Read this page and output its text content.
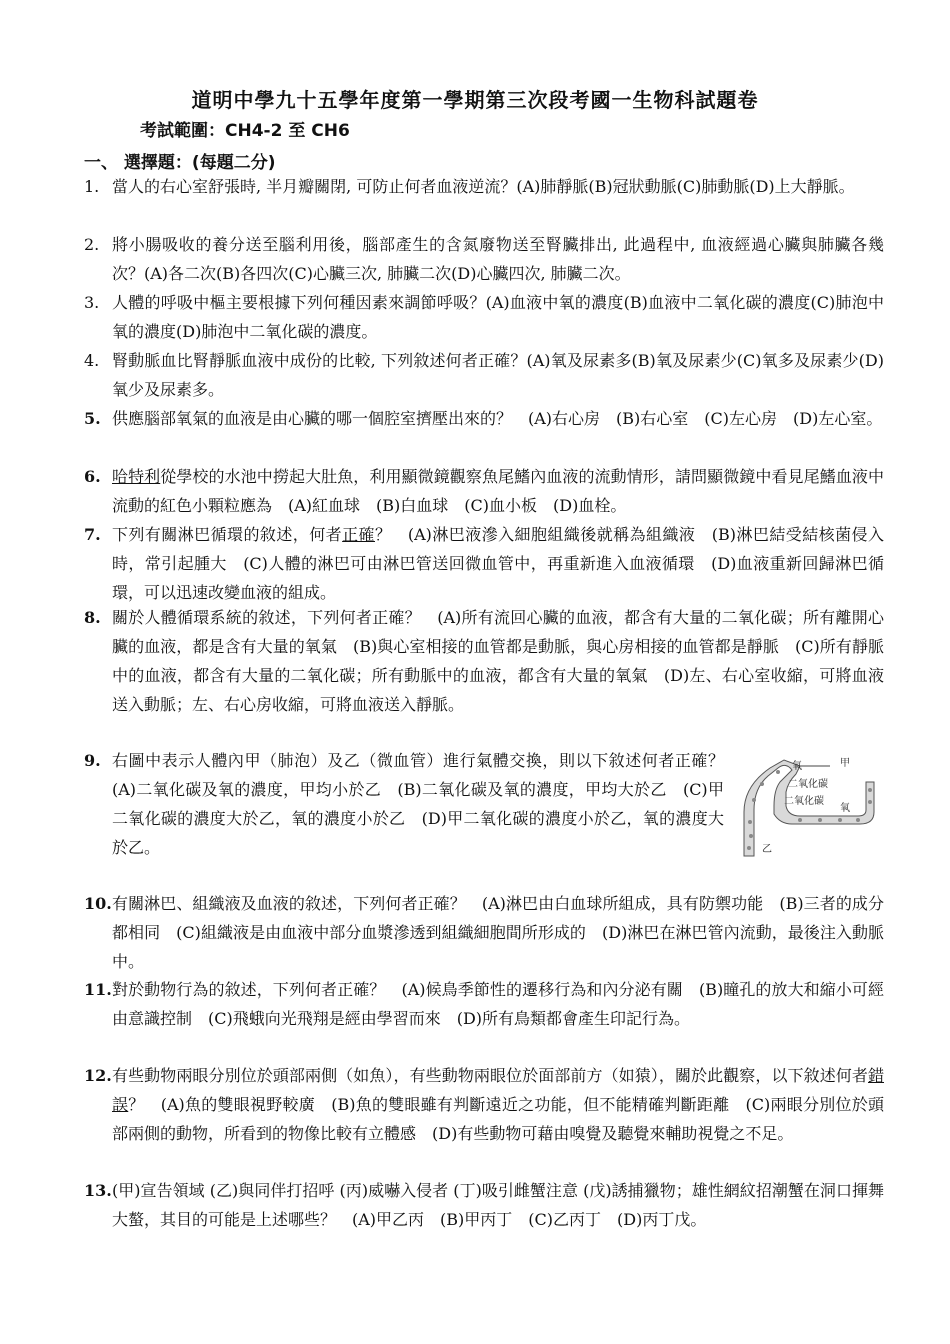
道明中學九十五學年度第一學期第三次段考國一生物科試題卷
考試範圍：CH4-2 至 CH6
一、 選擇題：(每題二分)
1. 當人的右心室舒張時, 半月瓣關閉, 可防止何者血液逆流？(A)肺靜脈(B)冠狀動脈(C)肺動脈(D)上大靜脈。
2. 將小腸吸收的養分送至腦利用後，腦部產生的含氮廢物送至腎臟排出, 此過程中, 血液經過心臟與肺臟各幾次？(A)各二次(B)各四次(C)心臟三次, 肺臟二次(D)心臟四次, 肺臟二次。
3. 人體的呼吸中樞主要根據下列何種因素來調節呼吸？(A)血液中氧的濃度(B)血液中二氧化碳的濃度(C)肺泡中氧的濃度(D)肺泡中二氧化碳的濃度。
4. 腎動脈血比腎靜脈血液中成份的比較, 下列敘述何者正確？(A)氧及尿素多(B)氧及尿素少(C)氧多及尿素少(D)氧少及尿素多。
5. 供應腦部氧氣的血液是由心臟的哪一個腔室擠壓出來的？　(A)右心房　(B)右心室　(C)左心房　(D)左心室。
6. 哈特利從學校的水池中撈起大肚魚，利用顯微鏡觀察魚尾鰭內血液的流動情形，請問顯微鏡中看見尾鰭血液中流動的紅色小顆粒應為　(A)紅血球　(B)白血球　(C)血小板　(D)血栓。
7. 下列有關淋巴循環的敘述，何者正確？　(A)淋巴液滲入細胞組織後就稱為組織液　(B)淋巴結受結核菌侵入時，常引起腫大　(C)人體的淋巴可由淋巴管送回微血管中，再重新進入血液循環　(D)血液重新回歸淋巴循環，可以迅速改變血液的組成。
8. 關於人體循環系統的敘述，下列何者正確？　(A)所有流回心臟的血液，都含有大量的二氧化碳；所有離開心臟的血液，都是含有大量的氧氣　(B)與心室相接的血管都是動脈，與心房相接的血管都是靜脈　(C)所有靜脈中的血液，都含有大量的二氧化碳；所有動脈中的血液，都含有大量的氧氣　(D)左、右心室收縮，可將血液送入動脈；左、右心房收縮，可將血液送入靜脈。
9. 右圖中表示人體內甲（肺泡）及乙（微血管）進行氣體交換，則以下敘述何者正確？　(A)二氧化碳及氧的濃度，甲均小於乙　(B)二氧化碳及氧的濃度，甲均大於乙　(C)甲二氧化碳的濃度大於乙，氧的濃度小於乙　(D)甲二氧化碳的濃度小於乙，氧的濃度大於乙。
氧	甲
二氧化碳
二氧化碳
氧
乙
10. 有關淋巴、組織液及血液的敘述，下列何者正確？　(A)淋巴由白血球所組成，具有防禦功能　(B)三者的成分都相同　(C)組織液是由血液中部分血漿滲透到組織細胞間所形成的　(D)淋巴在淋巴管內流動，最後注入動脈中。
11. 對於動物行為的敘述，下列何者正確？　(A)候鳥季節性的遷移行為和內分泌有關　(B)瞳孔的放大和縮小可經由意識控制　(C)飛蛾向光飛翔是經由學習而來　(D)所有鳥類都會產生印記行為。
12. 有些動物兩眼分別位於頭部兩側（如魚），有些動物兩眼位於面部前方（如猿），關於此觀察，以下敘述何者錯誤？　(A)魚的雙眼視野較廣　(B)魚的雙眼雖有判斷遠近之功能，但不能精確判斷距離　(C)兩眼分別位於頭部兩側的動物，所看到的物像比較有立體感　(D)有些動物可藉由嗅覺及聽覺來輔助視覺之不足。
13. (甲)宣告領域 (乙)與同伴打招呼 (丙)威嚇入侵者 (丁)吸引雌蟹注意 (戊)誘捕獵物；雄性網紋招潮蟹在洞口揮舞大螯，其目的可能是上述哪些？　(A)甲乙丙　(B)甲丙丁　(C)乙丙丁　(D)丙丁戊。
